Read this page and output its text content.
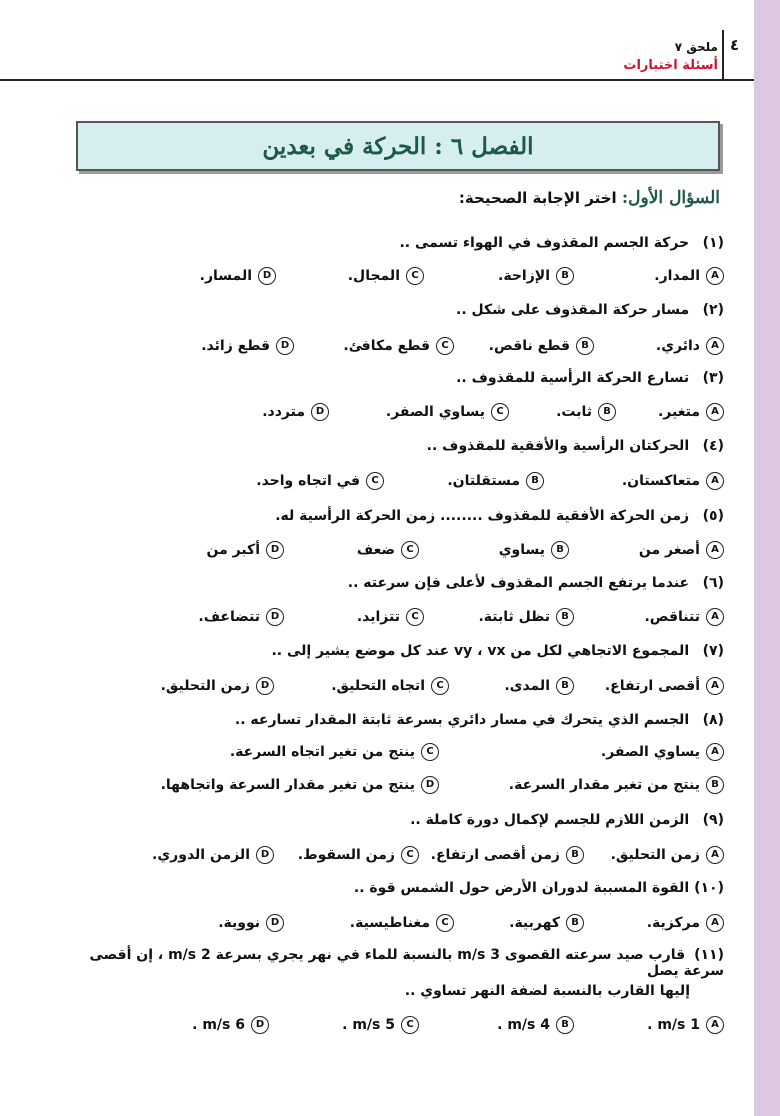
٤
ملحق ٧
أسئلة اختبارات
الفصل ٦ : الحركة في بعدين
السؤال الأول: اختر الإجابة الصحيحة:
(١) حركة الجسم المقذوف في الهواء تسمى ..
A
المدار.
B
الإزاحة.
C
المجال.
D
المسار.
(٢) مسار حركة المقذوف على شكل ..
A
دائري.
B
قطع ناقص.
C
قطع مكافئ.
D
قطع زائد.
(٣) تسارع الحركة الرأسية للمقذوف ..
A
متغير.
B
ثابت.
C
يساوي الصفر.
D
متردد.
(٤) الحركتان الرأسية والأفقية للمقذوف ..
A
متعاكستان.
B
مستقلتان.
C
في اتجاه واحد.
(٥) زمن الحركة الأفقية للمقذوف ........ زمن الحركة الرأسية له.
A
أصغر من
B
يساوي
C
ضعف
D
أكبر من
(٦) عندما يرتفع الجسم المقذوف لأعلى فإن سرعته ..
A
تتناقص.
B
تظل ثابتة.
C
تتزايد.
D
تتضاعف.
(٧) المجموع الاتجاهي لكل من vy ، vx عند كل موضع يشير إلى ..
A
أقصى ارتفاع.
B
المدى.
C
اتجاه التحليق.
D
زمن التحليق.
(٨) الجسم الذي يتحرك في مسار دائري بسرعة ثابتة المقدار تسارعه ..
A
يساوي الصفر.
C
ينتج من تغير اتجاه السرعة.
B
ينتج من تغير مقدار السرعة.
D
ينتج من تغير مقدار السرعة واتجاهها.
(٩) الزمن اللازم للجسم لإكمال دورة كاملة ..
A
زمن التحليق.
B
زمن أقصى ارتفاع.
C
زمن السقوط.
D
الزمن الدوري.
(١٠) القوة المسببة لدوران الأرض حول الشمس قوة ..
A
مركزية.
B
كهربية.
C
مغناطيسية.
D
نووية.
(١١) قارب صيد سرعته القصوى 3 m/s بالنسبة للماء في نهر يجري بسرعة 2 m/s ، إن أقصى سرعة يصل
إليها القارب بالنسبة لضفة النهر تساوي ..
A
1 m/s .
B
4 m/s .
C
5 m/s .
D
6 m/s .
